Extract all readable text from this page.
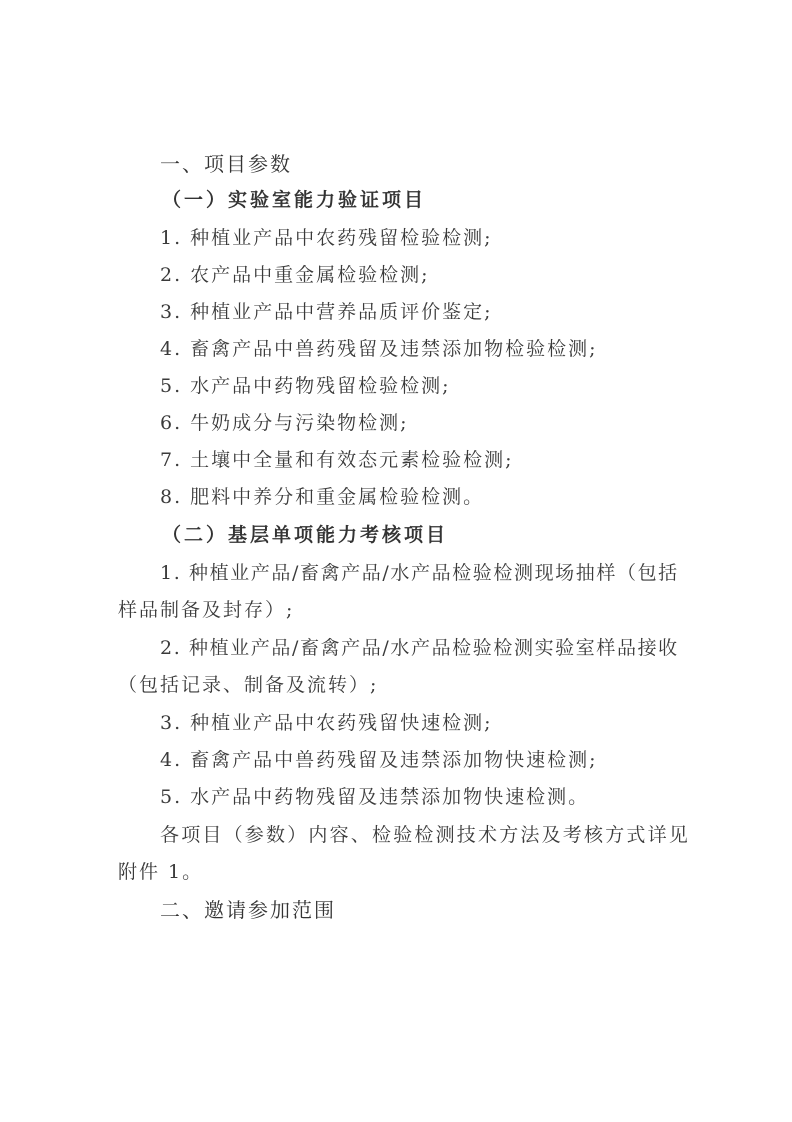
一、项目参数
（一）实验室能力验证项目
1. 种植业产品中农药残留检验检测;
2. 农产品中重金属检验检测;
3. 种植业产品中营养品质评价鉴定;
4. 畜禽产品中兽药残留及违禁添加物检验检测;
5. 水产品中药物残留检验检测;
6. 牛奶成分与污染物检测;
7. 土壤中全量和有效态元素检验检测;
8. 肥料中养分和重金属检验检测。
（二）基层单项能力考核项目
1. 种植业产品/畜禽产品/水产品检验检测现场抽样（包括
样品制备及封存）;
2. 种植业产品/畜禽产品/水产品检验检测实验室样品接收
（包括记录、制备及流转）;
3. 种植业产品中农药残留快速检测;
4. 畜禽产品中兽药残留及违禁添加物快速检测;
5. 水产品中药物残留及违禁添加物快速检测。
各项目（参数）内容、检验检测技术方法及考核方式详见
附件 1。
二、邀请参加范围
